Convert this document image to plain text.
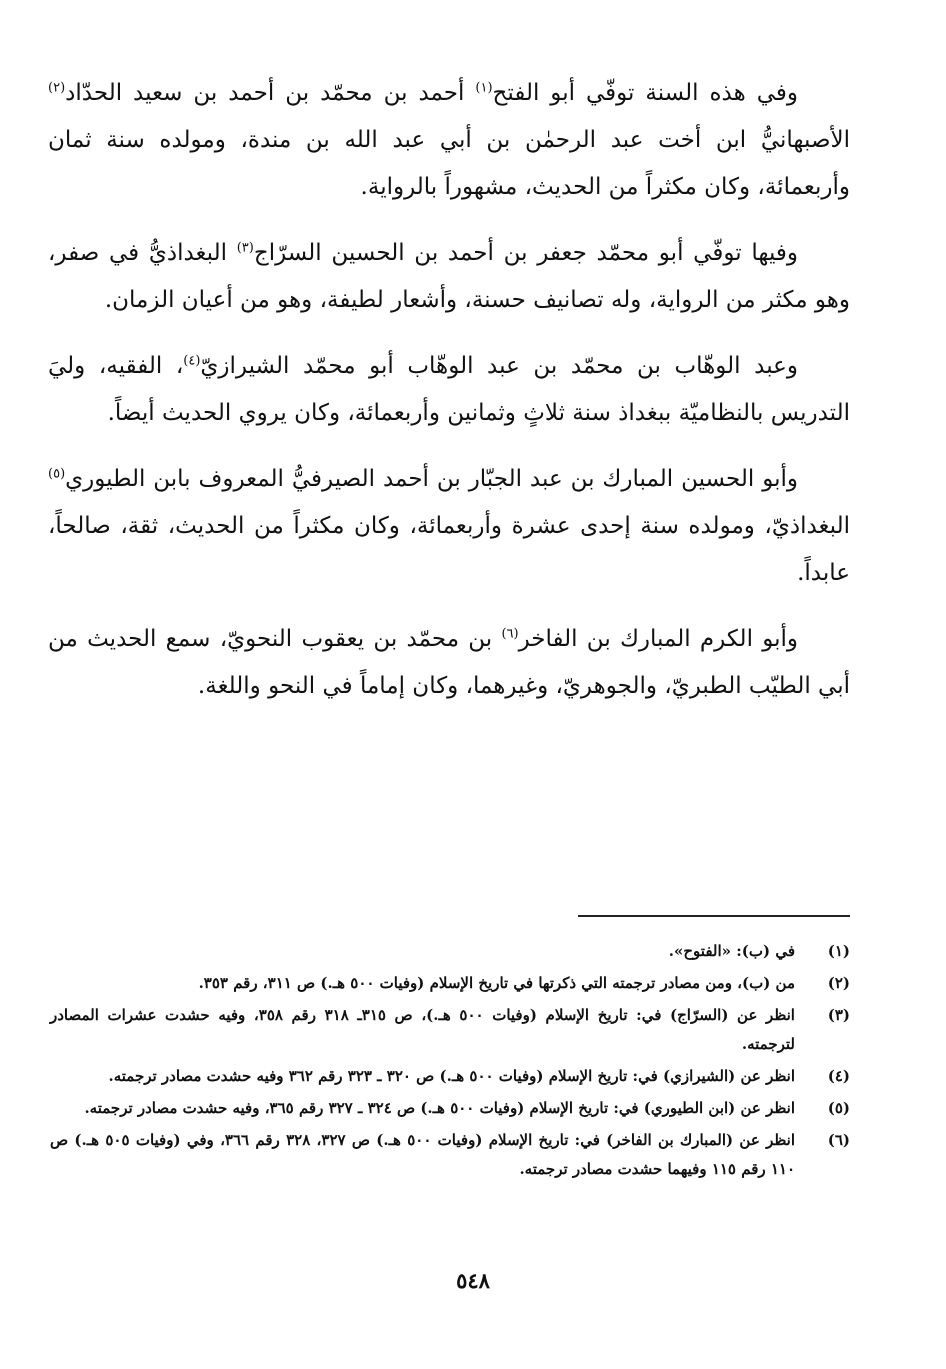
وفي هذه السنة توفّي أبو الفتح$^{(١)}$ أحمد بن محمّد بن أحمد بن سعيد الحدّاد$^{(٢)}$ الأصبهانيُّ ابن أخت عبد الرحمٰن بن أبي عبد الله بن مندة، ومولده سنة ثمان وأربعمائة، وكان مكثراً من الحديث، مشهوراً بالرواية.

وفيها توفّي أبو محمّد جعفر بن أحمد بن الحسين السرّاج$^{(٣)}$ البغداذيُّ في صفر، وهو مكثر من الرواية، وله تصانيف حسنة، وأشعار لطيفة، وهو من أعيان الزمان.

وعبد الوهّاب بن محمّد بن عبد الوهّاب أبو محمّد الشيرازيّ$^{(٤)}$، الفقيه، وليَ التدريس بالنظاميّة ببغداذ سنة ثلاثٍ وثمانين وأربعمائة، وكان يروي الحديث أيضاً.

وأبو الحسين المبارك بن عبد الجبّار بن أحمد الصيرفيُّ المعروف بابن الطيوري$^{(٥)}$ البغداذيّ، ومولده سنة إحدى عشرة وأربعمائة، وكان مكثراً من الحديث، ثقة، صالحاً، عابداً.

وأبو الكرم المبارك بن الفاخر$^{(٦)}$ بن محمّد بن يعقوب النحويّ، سمع الحديث من أبي الطيّب الطبريّ، والجوهريّ، وغيرهما، وكان إماماً في النحو واللغة.

(١)
في (ب): «الفتوح».
(٢)
من (ب)، ومن مصادر ترجمته التي ذكرتها في تاريخ الإسلام (وفيات ٥٠٠ هـ.) ص ٣١١، رقم ٣٥٣.
(٣)
انظر عن (السرّاج) في: تاريخ الإسلام (وفيات ٥٠٠ هـ.)، ص ٣١٥ـ ٣١٨ رقم ٣٥٨، وفيه حشدت عشرات المصادر لترجمته.
(٤)
انظر عن (الشيرازي) في: تاريخ الإسلام (وفيات ٥٠٠ هـ.) ص ٣٢٠ ـ ٣٢٣ رقم ٣٦٢ وفيه حشدت مصادر ترجمته.
(٥)
انظر عن (ابن الطيوري) في: تاريخ الإسلام (وفيات ٥٠٠ هـ.) ص ٣٢٤ ـ ٣٢٧ رقم ٣٦٥، وفيه حشدت مصادر ترجمته.
(٦)
انظر عن (المبارك بن الفاخر) في: تاريخ الإسلام (وفيات ٥٠٠ هـ.) ص ٣٢٧، ٣٢٨ رقم ٣٦٦، وفي (وفيات ٥٠٥ هـ.) ص ١١٠ رقم ١١٥ وفيهما حشدت مصادر ترجمته.
٥٤٨
